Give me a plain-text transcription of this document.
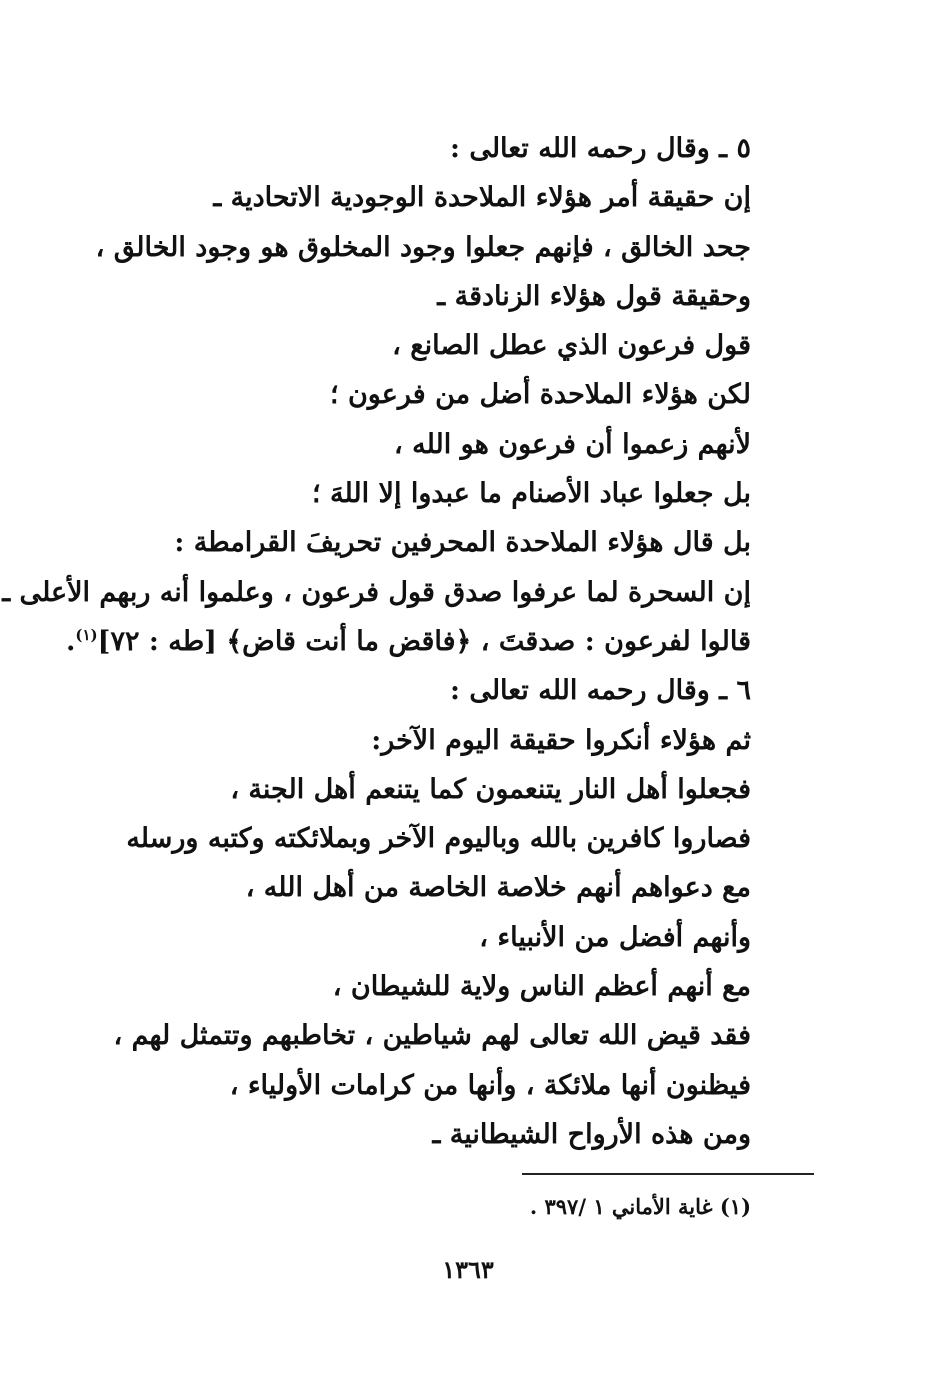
٥ ـ وقال رحمه الله تعالى :
إن حقيقة أمر هؤلاء الملاحدة الوجودية الاتحادية ـ
جحد الخالق ، فإنهم جعلوا وجود المخلوق هو وجود الخالق ،
وحقيقة قول هؤلاء الزنادقة ـ
قول فرعون الذي عطل الصانع ،
لكن هؤلاء الملاحدة أضل من فرعون ؛
لأنهم زعموا أن فرعون هو الله ،
بل جعلوا عباد الأصنام ما عبدوا إلا اللهَ ؛
بل قال هؤلاء الملاحدة المحرفين تحريفَ القرامطة :
إن السحرة لما عرفوا صدق قول فرعون ، وعلموا أنه ربهم الأعلى ـ
قالوا لفرعون : صدقتَ ، ﴿فاقض ما أنت قاض﴾ [طه : ٧٢]$^{(١)}$.
٦ ـ وقال رحمه الله تعالى :
ثم هؤلاء أنكروا حقيقة اليوم الآخر:
فجعلوا أهل النار يتنعمون كما يتنعم أهل الجنة ،
فصاروا كافرين بالله وباليوم الآخر وبملائكته وكتبه ورسله
مع دعواهم أنهم خلاصة الخاصة من أهل الله ،
وأنهم أفضل من الأنبياء ،
مع أنهم أعظم الناس ولاية للشيطان ،
فقد قيض الله تعالى لهم شياطين ، تخاطبهم وتتمثل لهم ،
فيظنون أنها ملائكة ، وأنها من كرامات الأولياء ،
ومن هذه الأرواح الشيطانية ـ
(١) غاية الأماني ١ /٣٩٧ .
١٣٦٣
